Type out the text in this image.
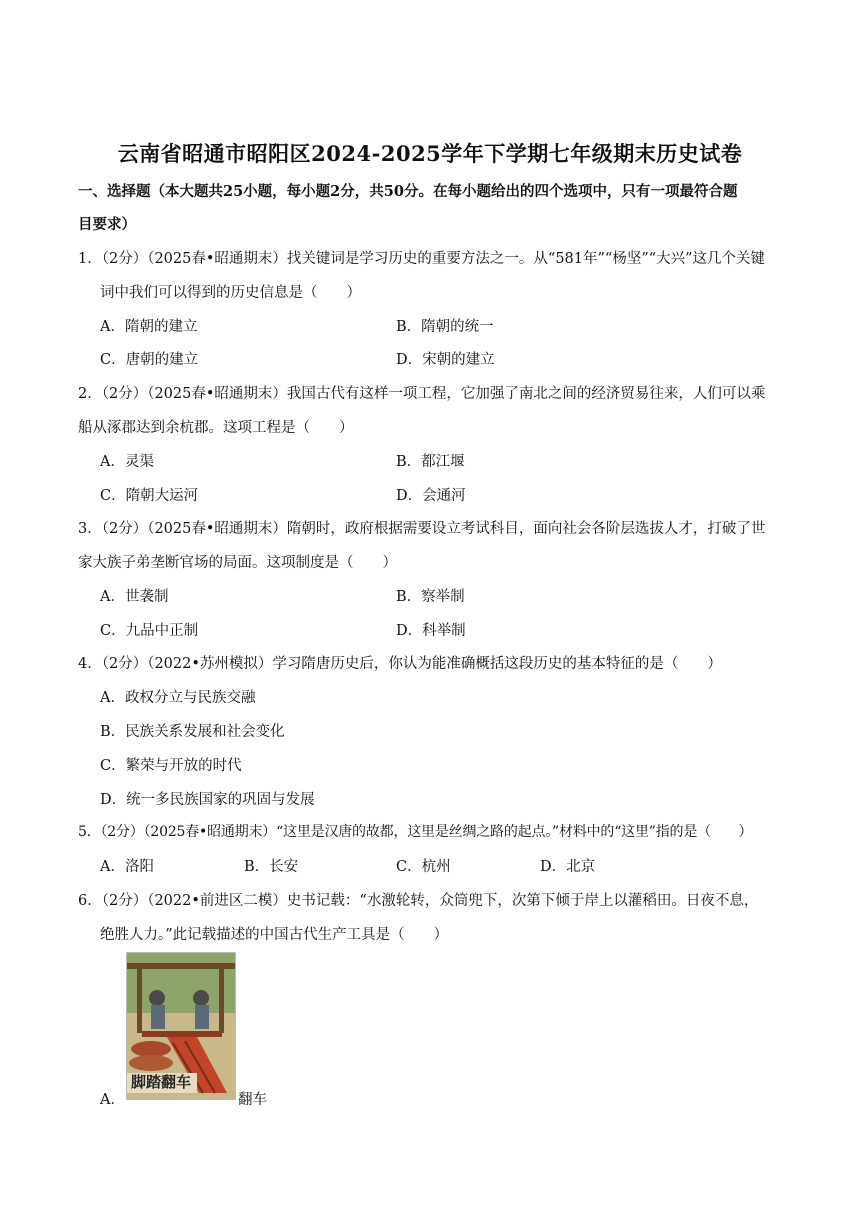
云南省昭通市昭阳区2024-2025学年下学期七年级期末历史试卷
一、选择题（本大题共25小题，每小题2分，共50分。在每小题给出的四个选项中，只有一项最符合题
目要求）
1．（2分）（2025春•昭通期末）找关键词是学习历史的重要方法之一。从“581年”“杨坚”“大兴”这几个关键
词中我们可以得到的历史信息是（　　）
A．隋朝的建立	B．隋朝的统一
C．唐朝的建立	D．宋朝的建立
2．（2分）（2025春•昭通期末）我国古代有这样一项工程，它加强了南北之间的经济贸易往来，人们可以乘
船从涿郡达到余杭郡。这项工程是（　　）
A．灵渠	B．都江堰
C．隋朝大运河	D．会通河
3．（2分）（2025春•昭通期末）隋朝时，政府根据需要设立考试科目，面向社会各阶层选拔人才，打破了世
家大族子弟垄断官场的局面。这项制度是（　　）
A．世袭制	B．察举制
C．九品中正制	D．科举制
4．（2分）（2022•苏州模拟）学习隋唐历史后，你认为能准确概括这段历史的基本特征的是（　　）
A．政权分立与民族交融
B．民族关系发展和社会变化
C．繁荣与开放的时代
D．统一多民族国家的巩固与发展
5．（2分）（2025春•昭通期末）“这里是汉唐的故都，这里是丝绸之路的起点。”材料中的“这里”指的是（　　）
A．洛阳	B．长安	C．杭州	D．北京
6．（2分）（2022•前进区二模）史书记载：“水激轮转，众筒兜下，次第下倾于岸上以灌稻田。日夜不息，
绝胜人力。”此记载描述的中国古代生产工具是（　　）
脚踏翻车
A．	翻车
